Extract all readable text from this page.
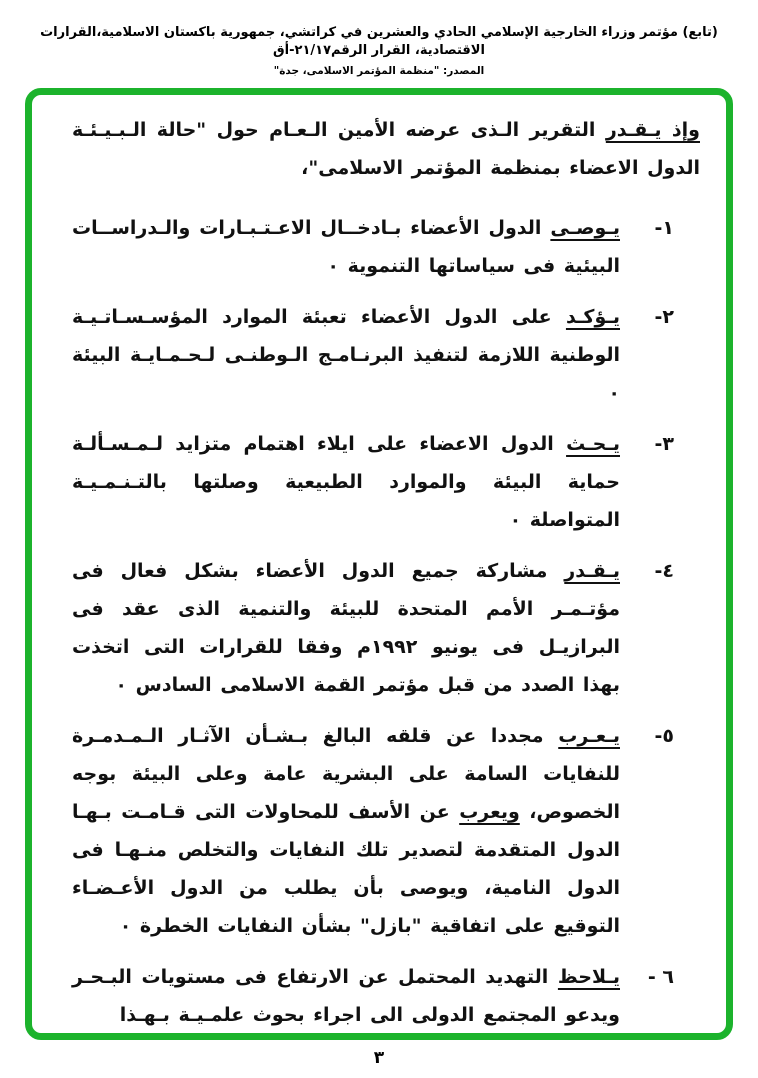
(تابع) مؤتمر وزراء الخارجية الإسلامي الحادي والعشرين في كراتشي، جمهورية باكستان الاسلامية،القرارات الاقتصادية، القرار الرقم٢١/١٧-أق
المصدر: "منظمة المؤتمر الاسلامى، جدة"

وإذ يـقـدر التقرير الـذى عرضه الأمين الـعـام حول "حالة الـبـيـئـة الدول الاعضاء بمنظمة المؤتمر الاسلامى"،

١-
يـوصـى الدول الأعضاء بـادخــال الاعـتـبـارات والـدراســات البيئية فى سياساتها التنموية ٠
٢-
يـؤكـد على الدول الأعضاء تعبئة الموارد المؤسـسـاتـيـة الوطنية اللازمة لتنفيذ البرنـامـج الـوطنـى لـحـمـايـة البيئة ٠
٣-
يـحـث الدول الاعضاء على ايلاء اهتمام متزايد لـمـسـألـة حماية البيئة والموارد الطبيعية وصلتها بالتـنـمـيـة المتواصلة ٠
٤-
يـقـدر مشاركة جميع الدول الأعضاء بشكل فعال فى مؤتـمـر الأمم المتحدة للبيئة والتنمية الذى عقد فى البرازيـل فى يونيو ١٩٩٢م وفقا للقرارات التى اتخذت بهذا الصدد من قبل مؤتمر القمة الاسلامى السادس ٠
٥-
يـعـرب مجددا عن قلقه البالغ بـشـأن الآثـار الـمـدمـرة للنفايات السامة على البشرية عامة وعلى البيئة بوجه الخصوص، ويعرب عن الأسف للمحاولات التى قـامـت بـهـا الدول المتقدمة لتصدير تلك النفايات والتخلص منـهـا فى الدول النامية، ويوصى بأن يطلب من الدول الأعـضـاء التوقيع على اتفاقية "بازل" بشأن النفايات الخطرة ٠
٦ -
يـلاحظ التهديد المحتمل عن الارتفاع فى مستويات البـحـر ويدعو المجتمع الدولى الى اجراء بحوث علمـيـة بـهـذا
٣
